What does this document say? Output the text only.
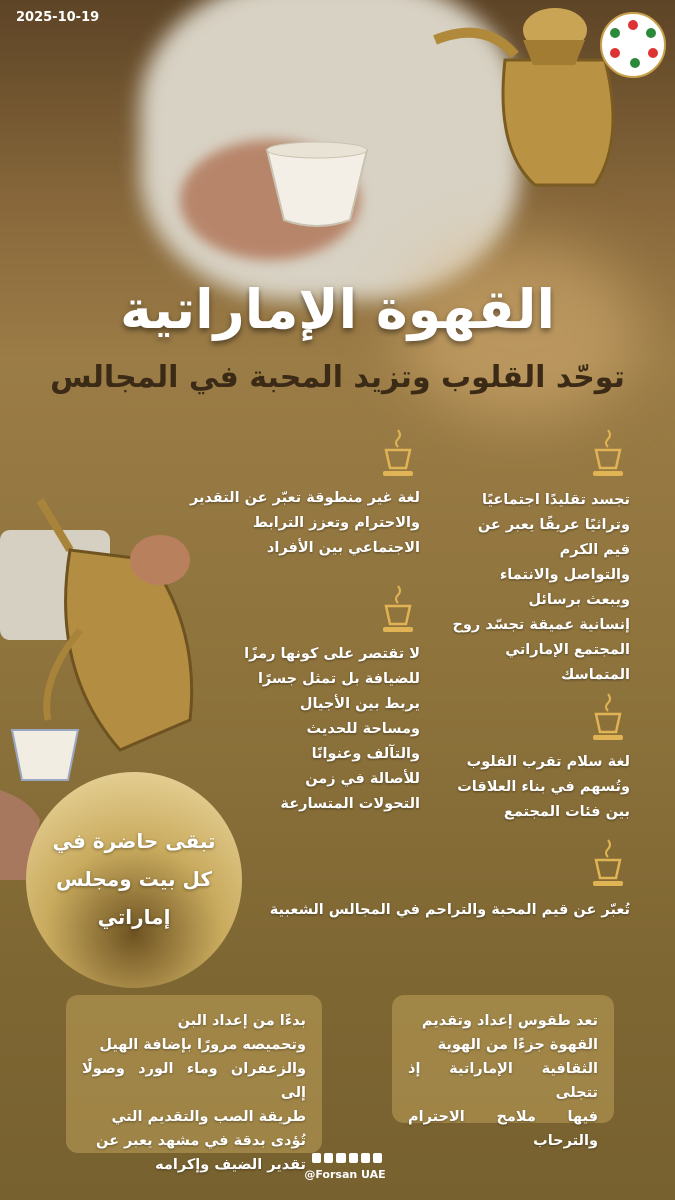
2025-10-19
القهوة الإماراتية
توحّد القلوب وتزيد المحبة في المجالس
تجسد تقليدًا اجتماعيًا
وتراثيًا عريقًا يعبر عن
قيم الكرم
والتواصل والانتماء
ويبعث برسائل
إنسانية عميقة تجسّد روح
المجتمع الإماراتي
المتماسك
لغة سلام تقرب القلوب
وتُسهم في بناء العلاقات
بين فئات المجتمع
تُعبّر عن قيم المحبة والتراحم في المجالس الشعبية
لغة غير منطوقة تعبّر عن التقدير
والاحترام وتعزز الترابط
الاجتماعي بين الأفراد
لا تقتصر على كونها رمزًا
للضيافة بل تمثل جسرًا
يربط بين الأجيال
ومساحة للحديث
والتآلف وعنوانًا
للأصالة في زمن
التحولات المتسارعة
تبقى حاضرة في
كل بيت ومجلس
إماراتي
تعد طقوس إعداد وتقديم
القهوة جزءًا من الهوية
الثقافية الإماراتية إذ تتجلى
فيها ملامح الاحترام والترحاب
بدءًا من إعداد البن
وتحميصه مرورًا بإضافة الهيل
والزعفران وماء الورد وصولًا إلى
طريقة الصب والتقديم التي
تُؤدى بدقة في مشهد يعبر عن
تقدير الضيف وإكرامه
@Forsan UAE
